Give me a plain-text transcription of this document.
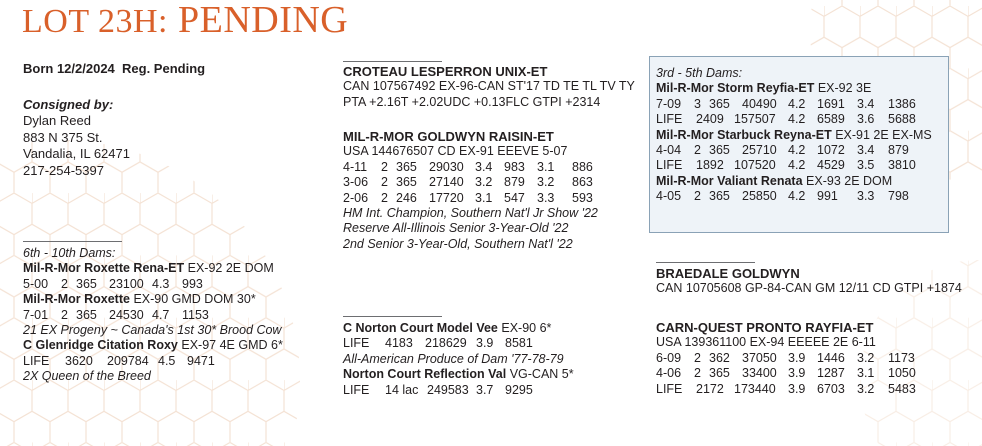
LOT 23H: PENDING
Born 12/2/2024 Reg. Pending
Consigned by:
Dylan Reed
883 N 375 St.
Vandalia, IL 62471
217-254-5397
6th - 10th Dams:
Mil-R-Mor Roxette Rena-ET EX-92 2E DOM
5-00	2 365 23100 4.3	993
Mil-R-Mor Roxette EX-90 GMD DOM 30*
7-01	2 365 24530 4.7	1153
21 EX Progeny ~ Canada's 1st 30* Brood Cow
C Glenridge Citation Roxy EX-97 4E GMD 6*
LIFE	3620	209784 4.5 9471
2X Queen of the Breed
CROTEAU LESPERRON UNIX-ET
CAN 107567492 EX-96-CAN ST'17 TD TE TL TV TY
PTA +2.16T +2.02UDC +0.13FLC GTPI +2314
MIL-R-MOR GOLDWYN RAISIN-ET
USA 144676507 CD EX-91 EEEVE 5-07
4-11	2 365 29030 3.4 983 3.1	886
3-06	2 365 27140 3.2 879 3.2	863
2-06	2 246 17720 3.1 547 3.3	593
HM Int. Champion, Southern Nat'l Jr Show '22
Reserve All-Illinois Senior 3-Year-Old '22
2nd Senior 3-Year-Old, Southern Nat'l '22
C Norton Court Model Vee EX-90 6*
LIFE	4183 218629 3.9 8581
All-American Produce of Dam '77-78-79
Norton Court Reflection Val VG-CAN 5*
LIFE	14 lac 249583 3.7 9295
3rd - 5th Dams:
Mil-R-Mor Storm Reyfia-ET EX-92 3E
7-09	3 365 40490 4.2 1691 3.4	1386
LIFE	2409 157507 4.2 6589 3.6	5688
Mil-R-Mor Starbuck Reyna-ET EX-91 2E EX-MS
4-04	2 365 25710 4.2 1072 3.4	879
LIFE	1892 107520 4.2 4529 3.5	3810
Mil-R-Mor Valiant Renata EX-93 2E DOM
4-05	2 365 25850 4.2 991	3.3	798
BRAEDALE GOLDWYN
CAN 10705608 GP-84-CAN GM 12/11 CD GTPI +1874
CARN-QUEST PRONTO RAYFIA-ET
USA 139361100 EX-94 EEEEE 2E 6-11
6-09	2 362 37050 3.9 1446 3.2	1173
4-06	2 365 33400 3.9 1287 3.1	1050
LIFE	2172 173440 3.9 6703 3.2	5483
